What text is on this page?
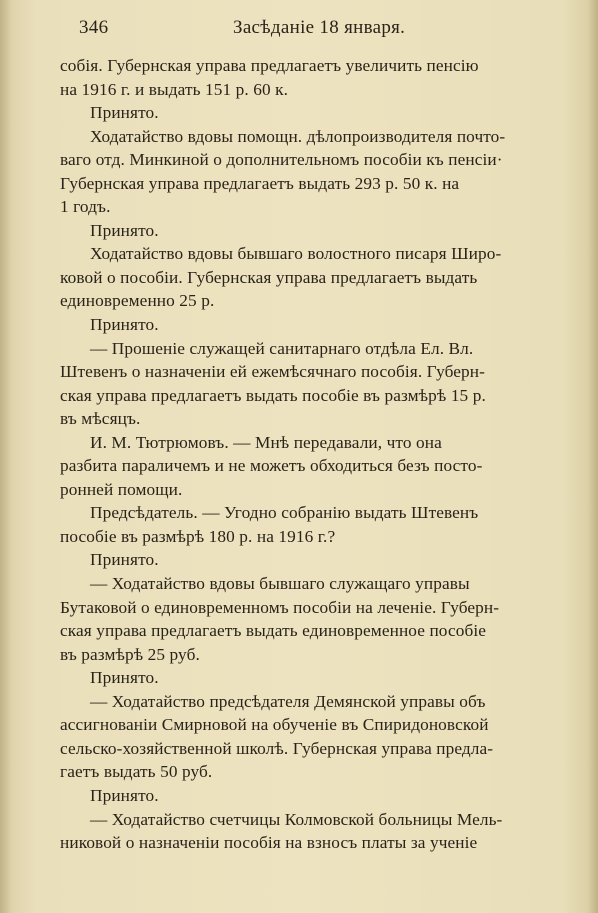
346	Засѣданіе 18 января.
собія. Губернская управа предлагаетъ увеличить пенсію
на 1916 г. и выдать 151 р. 60 к.
Принято.
Ходатайство вдовы помощн. дѣлопроизводителя почто-
ваго отд. Минкиной о дополнительномъ пособіи къ пенсіи·
Губернская управа предлагаетъ выдать 293 р. 50 к. на
1 годъ.
Принято.
Ходатайство вдовы бывшаго волостного писаря Широ-
ковой о пособіи. Губернская управа предлагаетъ выдать
единовременно 25 р.
Принято.
— Прошеніе служащей санитарнаго отдѣла Ел. Вл.
Штевенъ о назначеніи ей ежемѣсячнаго пособія. Губерн-
ская управа предлагаетъ выдать пособіе въ размѣрѣ 15 р.
въ мѣсяцъ.
И. М. Тютрюмовъ. — Мнѣ передавали, что она
разбита параличемъ и не можетъ обходиться безъ посто-
ронней помощи.
Предсѣдатель. — Угодно собранію выдать Штевенъ
пособіе въ размѣрѣ 180 р. на 1916 г.?
Принято.
— Ходатайство вдовы бывшаго служащаго управы
Бутаковой о единовременномъ пособіи на леченіе. Губерн-
ская управа предлагаетъ выдать единовременное пособіе
въ размѣрѣ 25 руб.
Принято.
— Ходатайство предсѣдателя Демянской управы объ
ассигнованіи Смирновой на обученіе въ Спиридоновской
сельско-хозяйственной школѣ. Губернская управа предла-
гаетъ выдать 50 руб.
Принято.
— Ходатайство счетчицы Колмовской больницы Мель-
никовой о назначеніи пособія на взносъ платы за ученіе
